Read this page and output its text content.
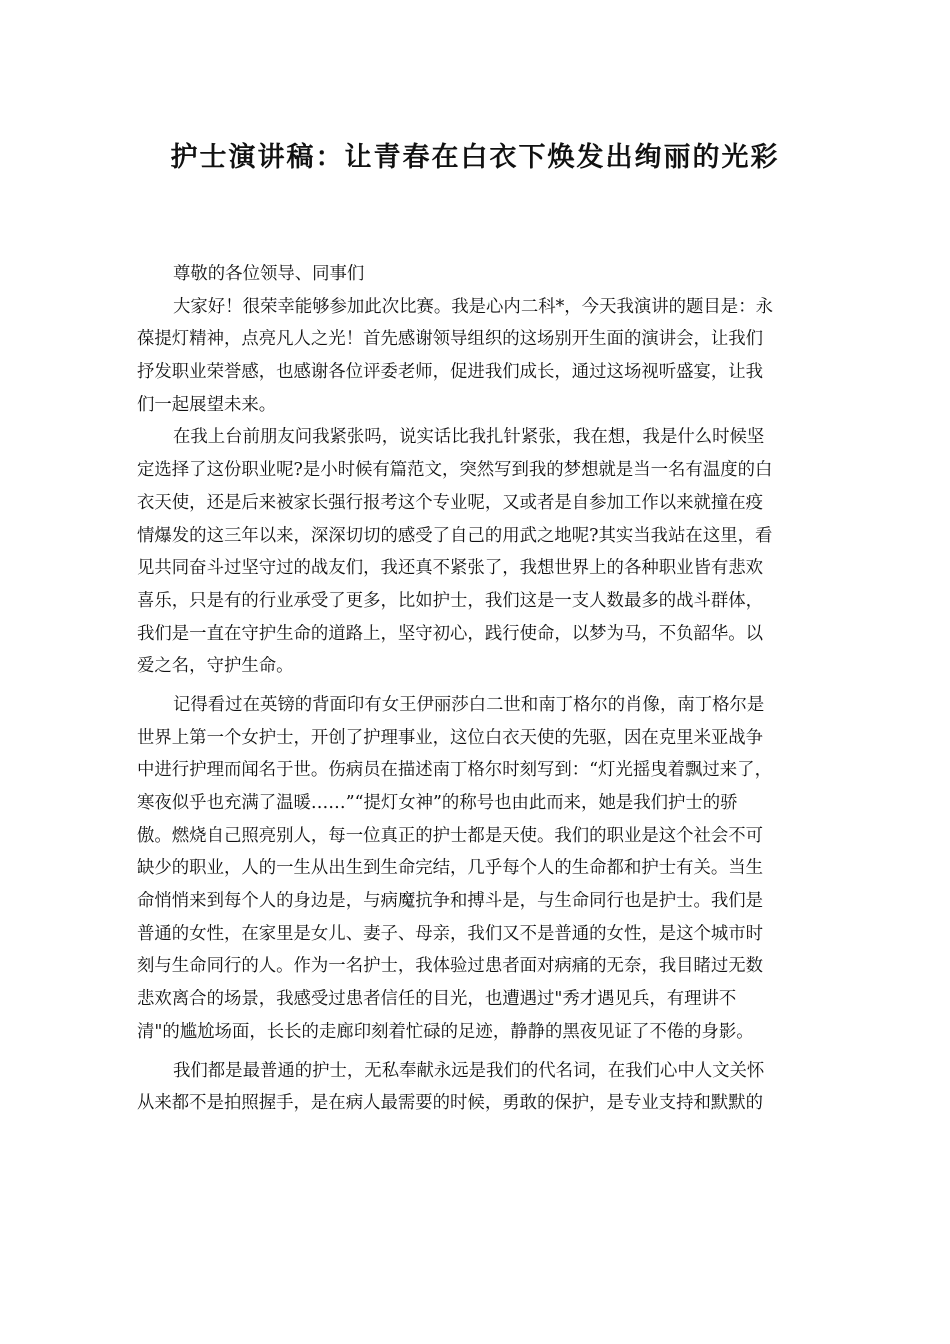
护士演讲稿：让青春在白衣下焕发出绚丽的光彩
尊敬的各位领导、同事们
大家好！很荣幸能够参加此次比赛。我是心内二科*，今天我演讲的题目是：永
葆提灯精神，点亮凡人之光！首先感谢领导组织的这场别开生面的演讲会，让我们
抒发职业荣誉感，也感谢各位评委老师，促进我们成长，通过这场视听盛宴，让我
们一起展望未来。
在我上台前朋友问我紧张吗，说实话比我扎针紧张，我在想，我是什么时候坚
定选择了这份职业呢?是小时候有篇范文，突然写到我的梦想就是当一名有温度的白
衣天使，还是后来被家长强行报考这个专业呢，又或者是自参加工作以来就撞在疫
情爆发的这三年以来，深深切切的感受了自己的用武之地呢?其实当我站在这里，看
见共同奋斗过坚守过的战友们，我还真不紧张了，我想世界上的各种职业皆有悲欢
喜乐，只是有的行业承受了更多，比如护士，我们这是一支人数最多的战斗群体，
我们是一直在守护生命的道路上，坚守初心，践行使命，以梦为马，不负韶华。以
爱之名，守护生命。
记得看过在英镑的背面印有女王伊丽莎白二世和南丁格尔的肖像，南丁格尔是
世界上第一个女护士，开创了护理事业，这位白衣天使的先驱，因在克里米亚战争
中进行护理而闻名于世。伤病员在描述南丁格尔时刻写到：“灯光摇曳着飘过来了，
寒夜似乎也充满了温暖……”“提灯女神”的称号也由此而来，她是我们护士的骄
傲。燃烧自己照亮别人，每一位真正的护士都是天使。我们的职业是这个社会不可
缺少的职业，人的一生从出生到生命完结，几乎每个人的生命都和护士有关。当生
命悄悄来到每个人的身边是，与病魔抗争和搏斗是，与生命同行也是护士。我们是
普通的女性，在家里是女儿、妻子、母亲，我们又不是普通的女性，是这个城市时
刻与生命同行的人。作为一名护士，我体验过患者面对病痛的无奈，我目睹过无数
悲欢离合的场景，我感受过患者信任的目光，也遭遇过"秀才遇见兵，有理讲不
清"的尴尬场面，长长的走廊印刻着忙碌的足迹，静静的黑夜见证了不倦的身影。
我们都是最普通的护士，无私奉献永远是我们的代名词，在我们心中人文关怀
从来都不是拍照握手，是在病人最需要的时候，勇敢的保护，是专业支持和默默的
